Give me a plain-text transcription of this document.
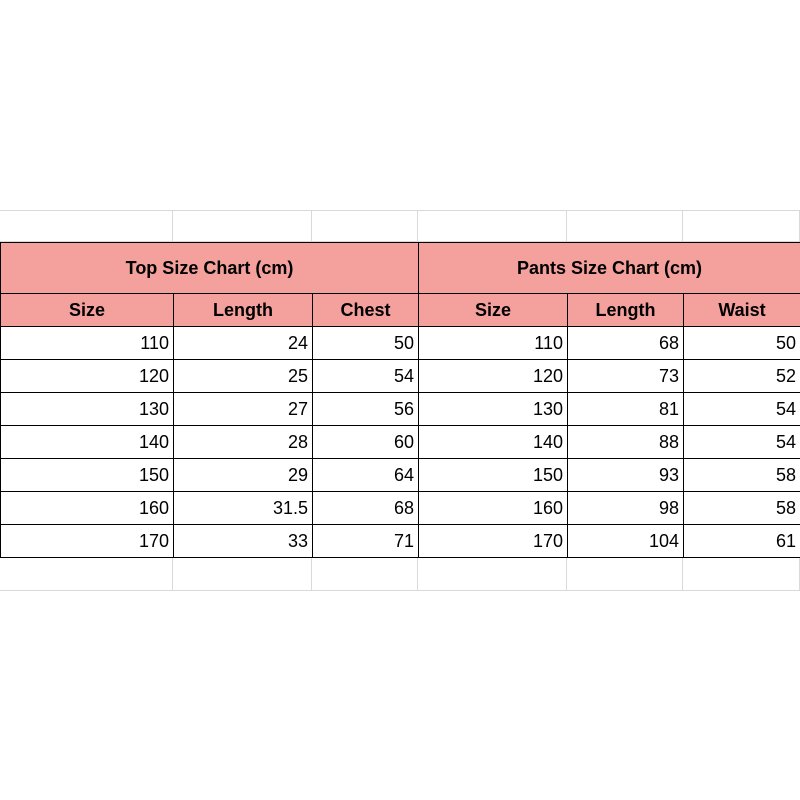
Top Size Chart (cm)	Pants Size Chart (cm)
Size	Length	Chest	Size	Length	Waist
110	24	50	110	68	50
120	25	54	120	73	52
130	27	56	130	81	54
140	28	60	140	88	54
150	29	64	150	93	58
160	31.5	68	160	98	58
170	33	71	170	104	61
